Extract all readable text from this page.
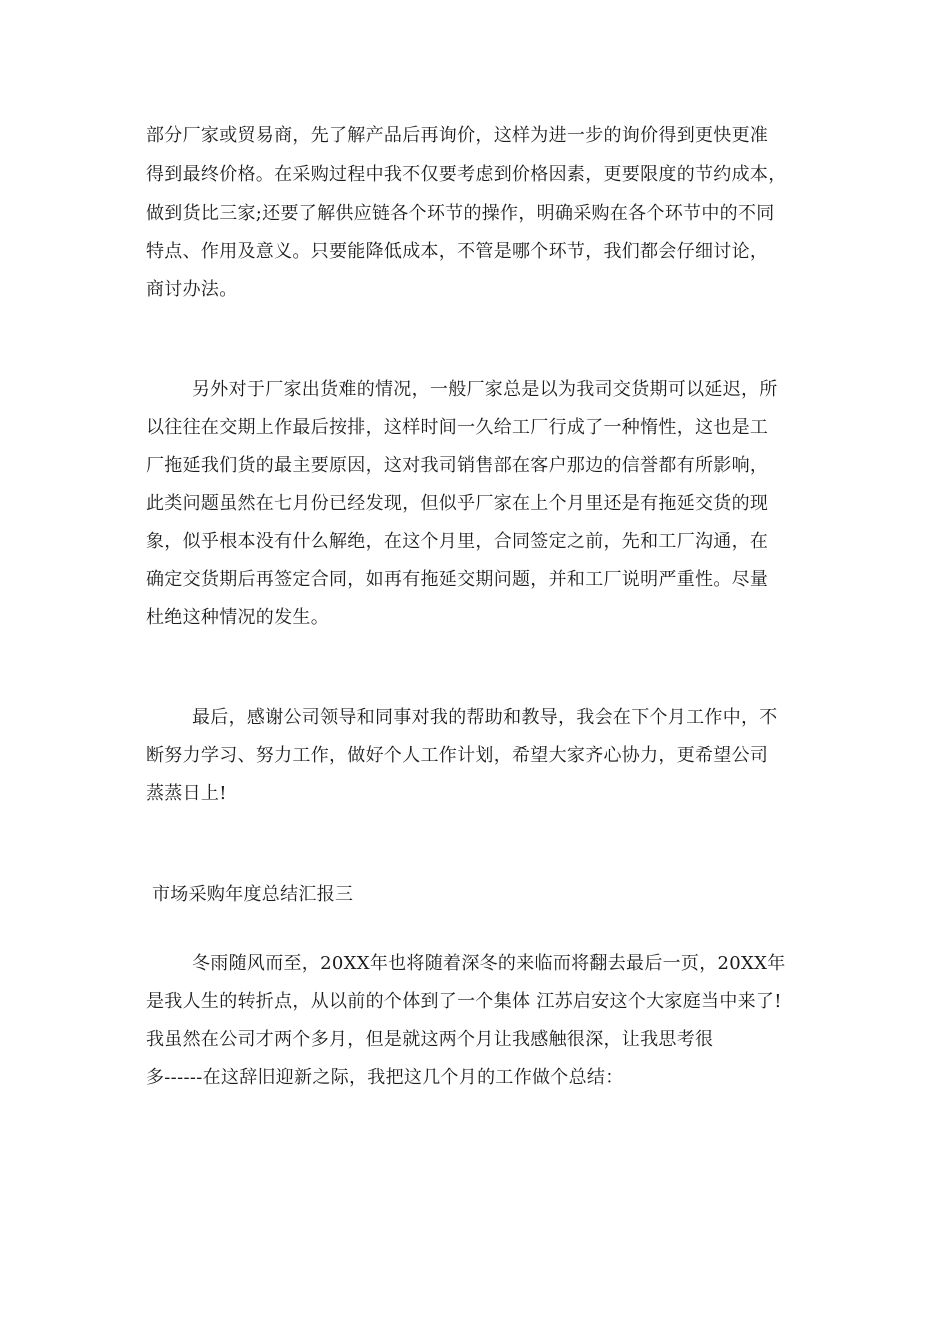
部分厂家或贸易商，先了解产品后再询价，这样为进一步的询价得到更快更准
得到最终价格。在采购过程中我不仅要考虑到价格因素，更要限度的节约成本，
做到货比三家;还要了解供应链各个环节的操作，明确采购在各个环节中的不同
特点、作用及意义。只要能降低成本，不管是哪个环节，我们都会仔细讨论，
商讨办法。
另外对于厂家出货难的情况，一般厂家总是以为我司交货期可以延迟，所
以往往在交期上作最后按排，这样时间一久给工厂行成了一种惰性，这也是工
厂拖延我们货的最主要原因，这对我司销售部在客户那边的信誉都有所影响，
此类问题虽然在七月份已经发现，但似乎厂家在上个月里还是有拖延交货的现
象，似乎根本没有什么解绝，在这个月里，合同签定之前，先和工厂沟通，在
确定交货期后再签定合同，如再有拖延交期问题，并和工厂说明严重性。尽量
杜绝这种情况的发生。
最后，感谢公司领导和同事对我的帮助和教导，我会在下个月工作中，不
断努力学习、努力工作，做好个人工作计划，希望大家齐心协力，更希望公司
蒸蒸日上!
市场采购年度总结汇报三
冬雨随风而至，20XX年也将随着深冬的来临而将翻去最后一页，20XX年
是我人生的转折点，从以前的个体到了一个集体 江苏启安这个大家庭当中来了!
我虽然在公司才两个多月，但是就这两个月让我感触很深，让我思考很
多------在这辞旧迎新之际，我把这几个月的工作做个总结：
